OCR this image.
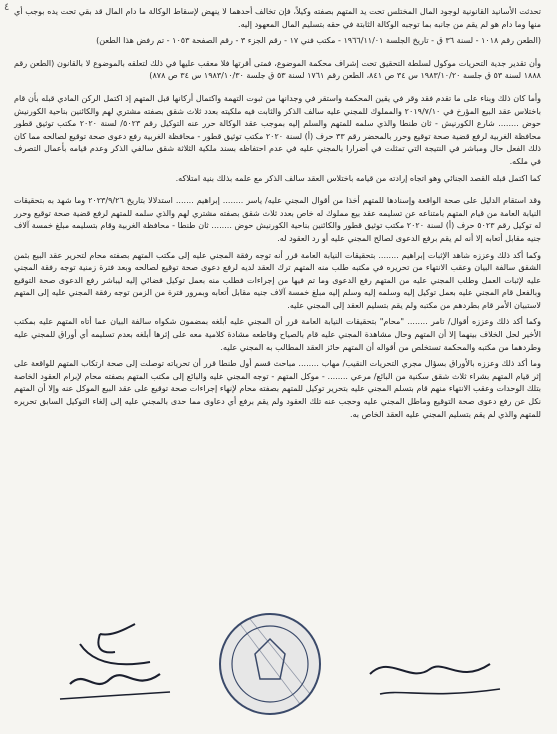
٤ تحدثت الأسانيد القانونية لوجود المال المختلس تحت يد المتهم بصفته وكيلاً، فإن تخالف أحدهما لا ينهض لإسقاط الوكالة ما دام المال قد بقي تحت يده بوجب أي منها وما دام هو لم يقم من جانبه بما توجبه الوكالة الثابتة في حقه بتسليم المال المعهود إليه.

(الطعن رقم ١٠١٨ - لسنة ٣٦ ق - تاريخ الجلسة ١٩٦٦/١١/٠١ - مكتب فني ١٧ - رقم الجزء ٣ - رقم الصفحة ١٠٥٣ - تم رفض هذا الطعن)

وأن تقدير جدية التحريات موكول لسلطة التحقيق تحت إشراف محكمة الموضوع، فمتى أقرتها فلا معقب عليها في ذلك لتعلقه بالموضوع لا بالقانون (الطعن رقم ١٨٨٨ لسنة ٥٣ ق جلسة ١٩٨٣/١٠/٢٠ س ٣٤ ص ٨٤١، الطعن رقم ١٧٦١ لسنة ٥٣ ق جلسة ١٩٨٣/١٠/٣٠ س ٣٤ ص ٨٧٨)

وأما كان ذلك وبناء على ما تقدم فقد وقر في يقين المحكمة واستقر في وجدانها من ثبوت التهمة واكتمال أركانها قبل المتهم إذ اكتمل الركن المادي قبله بأن قام باختلاس عقد البيع المؤرخ في ٢٠١٩/٧/١٠ والمملوك للمجني عليه سالف الذكر والثابت فيه ملكيته بعدد ثلاث شقق بصفته مشتري لهم والكائنين بناحية الكورنيش حوض ........ شارع الكورنيش - ثان طنطا والذي سلمه للمتهم والسلم إليه بموجب عقد الوكالة حرر عنه التوكيل رقم ٥٠٢٣/ لسنة ٢٠٢٠ مكتب توثيق قطور محافظة الغربية لرفع قضية صحة توقيع وحرر بالمحضر رقم ٣٣ حرف (أ) لسنة ٢٠٢٠ مكتب توثيق قطور - محافظة الغربية رفع دعوى صحة توقيع لصالحه مما كان ذلك الفعل حال ومباشر في النتيجة التي تمثلت في أضرارا بالمجني عليه في عدم احتفاظه بسند ملكية الثلاثة شقق سالفي الذكر وعدم قيامه بأعمال التصرف في ملكه.

كما اكتمل قبله القصد الجنائي وهو اتجاه إرادته من قيامه باختلاس العقد سالف الذكر مع علمه بذلك بنية امتلاكه.

وقد استقام الدليل على صحة الواقعة وإسنادها للمتهم أخذا من أقوال المجني عليه/ ياسر ........ إبراهيم ....... استدلالا بتاريخ ٢٠٢٣/٩/٢٦ وما شهد به بتحقيقات النيابة العامة من قيام المتهم بامتناعه عن تسليمه عقد بيع مملوك له خاص بعدد ثلاث شقق بصفته مشتري لهم والذي سلمه للمتهم لرفع قضية صحة توقيع وحرر له توكيل رقم ٥٠٢٣ حرف (أ) لسنة ٢٠٢٠ مكتب توثيق قطور والكائنين بناحية الكورنيش حوض ........ ثان طنطا - محافظة الغربية وقام بتسليمه مبلغ خمسة آلاف جنيه مقابل أتعابه إلا أنه لم يقم برفع الدعوى لصالح المجني عليه أو رد العقود له.

وكما أكد ذلك وعززه شاهد الإثبات إبراهيم ........ بتحقيقات النيابة العامة قرر أنه توجه رفقة المجني عليه إلى مكتب المتهم بصفته محام لتحرير عقد البيع بثمن الشقق سالفة البيان وعقب الانتهاء من تحريره في مكتبه طلب منه المتهم ترك العقد لديه لرفع دعوى صحة توقيع لصالحه وبعد فترة زمنية توجه رفقة المجني عليه لإثبات العمل وطلب المجني عليه من المتهم رفع الدعوى وما تم فيها من إجراءات فطلب منه بعمل توكيل قضائي إليه ليباشر رفع الدعوى صحة التوقيع وبالفعل قام المجني عليه بعمل توكيل إليه وسلمه إليه وسلم إليه مبلغ خمسة آلاف جنيه مقابل أتعابه وبمرور فترة من الزمن توجه رفقة المجني عليه إلى المتهم لاستبيان الأمر قام بطردهم من مكتبه ولم يقم بتسليم العقد إلى المجني عليه.

وكما أكد ذلك وعززه أقوال/ تامر ........ "محام" بتحقيقات النيابة العامة قرر أن المجني عليه أبلغه بمضمون شكواه سالفة البيان عما أتاه المتهم عليه بمكتب الأخير لحل الخلاف بينهما إلا أن المتهم وحال مشاهدة المجني عليه قام بالصياح وقاطعه مشادة كلامية معه على إثرها أبلغه بعدم تسليمه أي أوراق للمجني عليه وطردهما من مكتبه والمحكمة تستخلص من أقواله أن المتهم حائز العقد المطالب به المجني عليه.

وما أكد ذلك وعززه بالأوراق بسؤال مجري التحريات النقيب/ مهاب ........ مباحث قسم أول طنطا قرر أن تحرياته توصلت إلى صحة ارتكاب المتهم للواقعة على إثر قيام المتهم بشراء ثلاث شقق سكنية من البائع/ مرعي ........ - موكل المتهم - توجه المجني عليه والبائع إلى مكتب المتهم بصفته محام لإبرام العقود الخاصة بتلك الوحدات وعقب الانتهاء منهم قام بتسلم المجني عليه بتحرير توكيل للمتهم بصفته محام لإنهاء إجراءات صحة توقيع على عقد البيع الموكل عنه وإلا أن المتهم نكل عن رفع دعوى صحة التوقيع وماطل المجني عليه وحجب عنه تلك العقود ولم يقم برفع أي دعاوى مما حدى بالمجني عليه إلى إلغاء التوكيل السابق تحريره للمتهم والذي لم يقم بتسليم المجني عليه العقد الخاص به.
